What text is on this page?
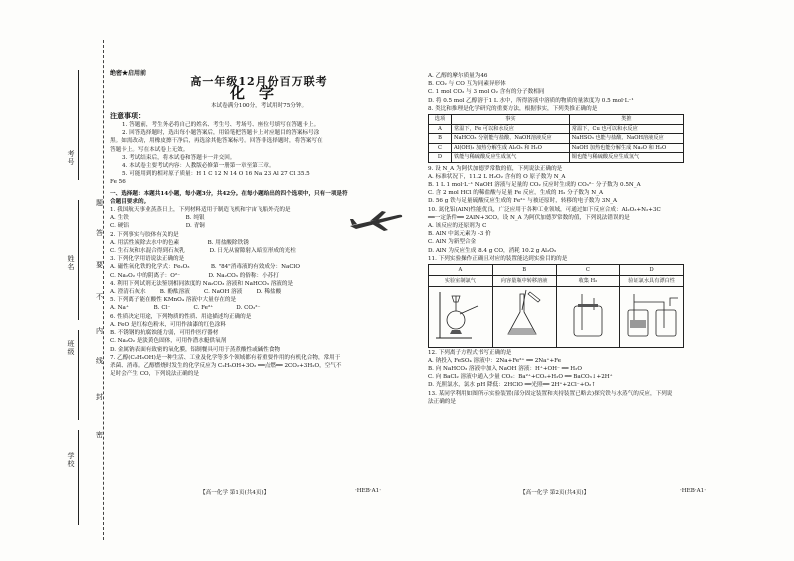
考号
姓名
班级
学校
题
答
要
不
内
线
封
密
绝密★启用前
高一年级12月份百万联考
化学
本试卷满分100分，考试用时75分钟。
注意事项：
1. 答题前，考生务必将自己的姓名、考生号、考场号、座位号填写在答题卡上。
2. 回答选择题时，选出每小题答案后，用铅笔把答题卡上对应题目的答案标号涂
黑。如需改动，用橡皮擦干净后，再选涂其他答案标号。回答非选择题时，将答案写在
答题卡上。写在本试卷上无效。
3. 考试结束后，将本试卷和答题卡一并交回。
4. 本试卷主要考试内容：人教版必修第一册第一章至第三章。
5. 可能用到的相对原子质量：H 1 C 12 N 14 O 16 Na 23 Al 27 Cl 35.5
Fe 56
一、选择题：本题共14小题，每小题3分，共42分。在每小题给出的四个选项中，只有一项是符
合题目要求的。
1. 我国航天事业蒸蒸日上，下列材料适用于制造飞机和宇宙飞船外壳的是
A. 生铁                                B. 纯银
C. 硬铝                                D. 青铜
2. 下列事实与胶体有关的是
A. 用活性炭除去水中的色素                B. 用盐酸除铁锈
C. 生石灰和水混合得到石灰乳              D. 日光从窗隙射入暗室形成的光柱
3. 下列化学用语说法正确的是
A. 磁性氧化铁的化学式：Fe₂O₃            B. "84"消毒液的有效成分：NaClO
C. Na₂O₂ 中的阴离子：O²⁻                D. Na₂CO₃ 的俗称：小苏打
4. 利用下列试剂无法鉴别相同浓度的 Na₂CO₃ 溶液和 NaHCO₃ 溶液的是
A. 澄清石灰水        B. 酚酞溶液        C. NaOH 溶液        D. 稀盐酸
5. 下列离子能在酸性 KMnO₄ 溶液中大量存在的是
A. Na⁺              B. Cl⁻             C. Fe²⁺             D. CO₃²⁻
6. 性质决定用途，下列物质的性质、用途描述均正确的是
A. FeO 是红棕色粉末，可用作油漆的红色涂料
B. 不锈钢的抗腐蚀能力弱，可用作医疗器材
C. Na₂O₂ 是淡黄色固体，可用作潜水艇供氧剂
D. 金属钠表面有致密的氧化膜，铝制餐具可用于蒸煮酸性或碱性食物
7. 乙醇(C₂H₅OH)是一种生活、工业及化学等多个领域都有着重要作用的有机化合物，常用于
杀菌、消毒。乙醇燃烧时发生的化学反应为 C₂H₅OH+3O₂ ══点燃══ 2CO₂+3H₂O，空气不
足时会产生 CO，下列说法正确的是
【高一化学 第1页(共4页)】	·HEB·A1·
A. 乙醇的摩尔质量为46
B. CO₂ 与 CO 互为同素异形体
C. 1 mol CO₂ 与 3 mol O₂ 含有的分子数相同
D. 将 0.5 mol 乙醇溶于1 L 水中，所得溶液中溶质的物质的量浓度为 0.5 mol·L⁻¹
8. 类比和推理是化学研究的重要方法，根据事实，下列类推正确的是
选项	事实	类推
A	常温下，Fe 可以和水反应	常温下，Cu 也可以和水反应
B	NaHCO₃ 分别能与盐酸、NaOH溶液反应	NaHSO₃ 也能与盐酸、NaOH溶液反应
C	Al(OH)₃ 加热分解生成 Al₂O₃ 和 H₂O	NaOH 加热也能分解生成 Na₂O 和 H₂O
D	铁能与稀硫酸反应生成氢气	铜也能与稀硫酸反应生成氢气
9. 设 N_A 为阿伏加德罗常数的值，下列说法正确的是
A. 标准状况下，11.2 L H₂O₂ 含有的 O 原子数为 N_A
B. 1 L 1 mol·L⁻¹ NaOH 溶液与足量的 CO₂ 反应时生成的 CO₃²⁻ 分子数为 0.5N_A
C. 含 2 mol HCl 的稀盐酸与足量 Fe 反应，生成的 H₂ 分子数为 N_A
D. 56 g 铁与足量硫酸反应生成的 Fe²⁺ 与被还原时，转移的电子数为 3N_A
10. 氮化铝(AlN)性能优良，广泛应用于各种工业领域，可通过如下反应合成：Al₂O₃+N₂+3C
══一定条件══ 2AlN+3CO。设 N_A 为阿伏加德罗常数的值，下列说法错误的是
A. 该反应的还原剂为 C
B. AlN 中氮元素为 -3 价
C. AlN 为新型合金
D. AlN 为反应生成 8.4 g CO，消耗 10.2 g Al₂O₃
11. 下列实验操作正确且对应的装置能达到实验目的的是
A	B	C	D
实验室制氯气	向容量瓶中转移溶液	收集 H₂	验证氯水具有漂白性

12. 下列离子方程式书写正确的是
A. 钠投入 FeSO₄ 溶液中：2Na+Fe²⁺ ══ 2Na⁺+Fe
B. 向 NaHCO₃ 溶液中加入 NaOH 溶液：H⁺+OH⁻ ══ H₂O
C. 向 BaCl₂ 溶液中通入少量 CO₂：Ba²⁺+CO₂+H₂O ══ BaCO₃↓+2H⁺
D. 光照氯水，氯水 pH 降低：2HClO ══光照══ 2H⁺+2Cl⁻+O₂↑
13. 某同学利用如图所示实验装置(部分固定装置和夹持装置已略去)探究铁与水蒸气的反应，下列说
法正确的是
【高一化学 第2页(共4页)】	·HEB·A1·
